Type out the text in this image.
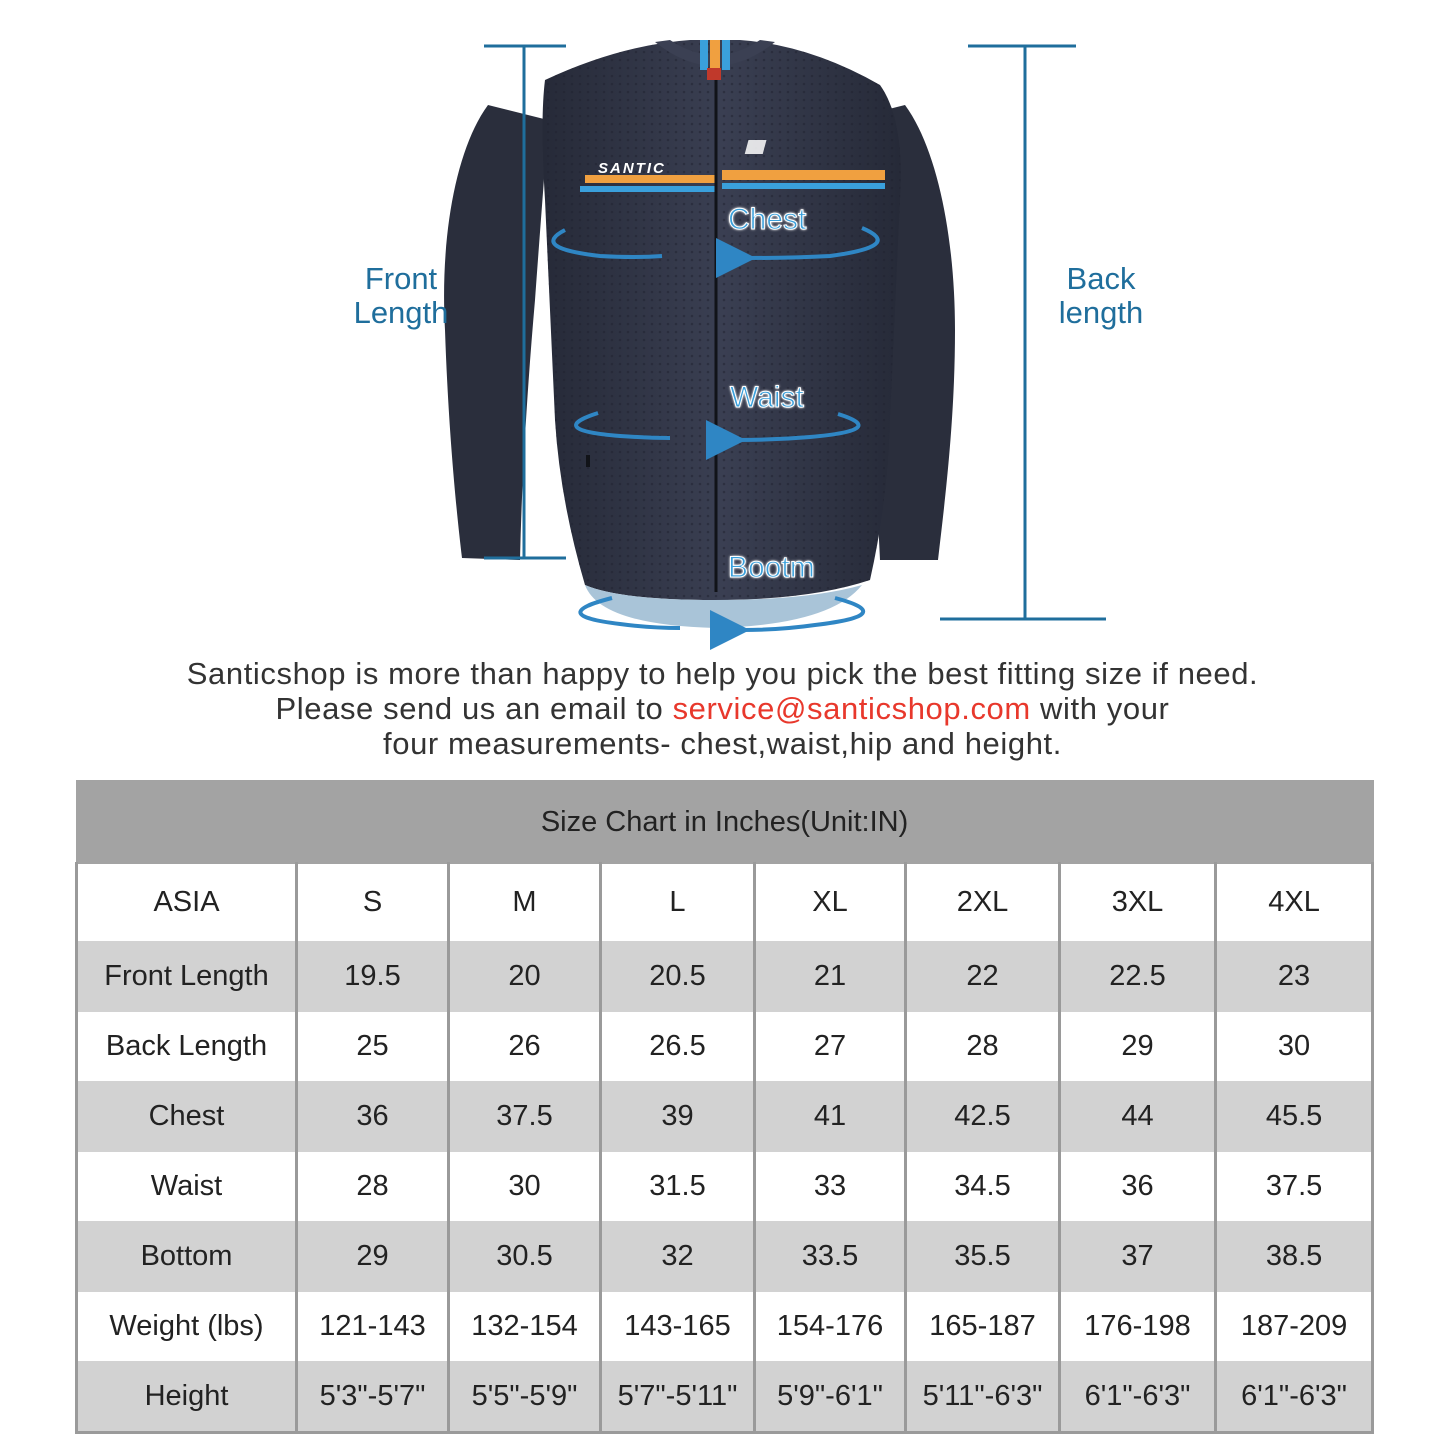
SANTIC
Front
Length
Back
length
Chest
Waist
Bootm
Santicshop is more than happy to help you pick the best fitting size if need.
Please send us an email to service@santicshop.com with your
four measurements- chest,waist,hip and height.
Size Chart in Inches(Unit:IN)							
ASIA	S	M	L	XL	2XL	3XL	4XL
Front Length	19.5	20	20.5	21	22	22.5	23
Back Length	25	26	26.5	27	28	29	30
Chest	36	37.5	39	41	42.5	44	45.5
Waist	28	30	31.5	33	34.5	36	37.5
Bottom	29	30.5	32	33.5	35.5	37	38.5
Weight (lbs)	121-143	132-154	143-165	154-176	165-187	176-198	187-209
Height	5'3"-5'7"	5'5"-5'9"	5'7"-5'11"	5'9"-6'1"	5'11"-6'3"	6'1"-6'3"	6'1"-6'3"
